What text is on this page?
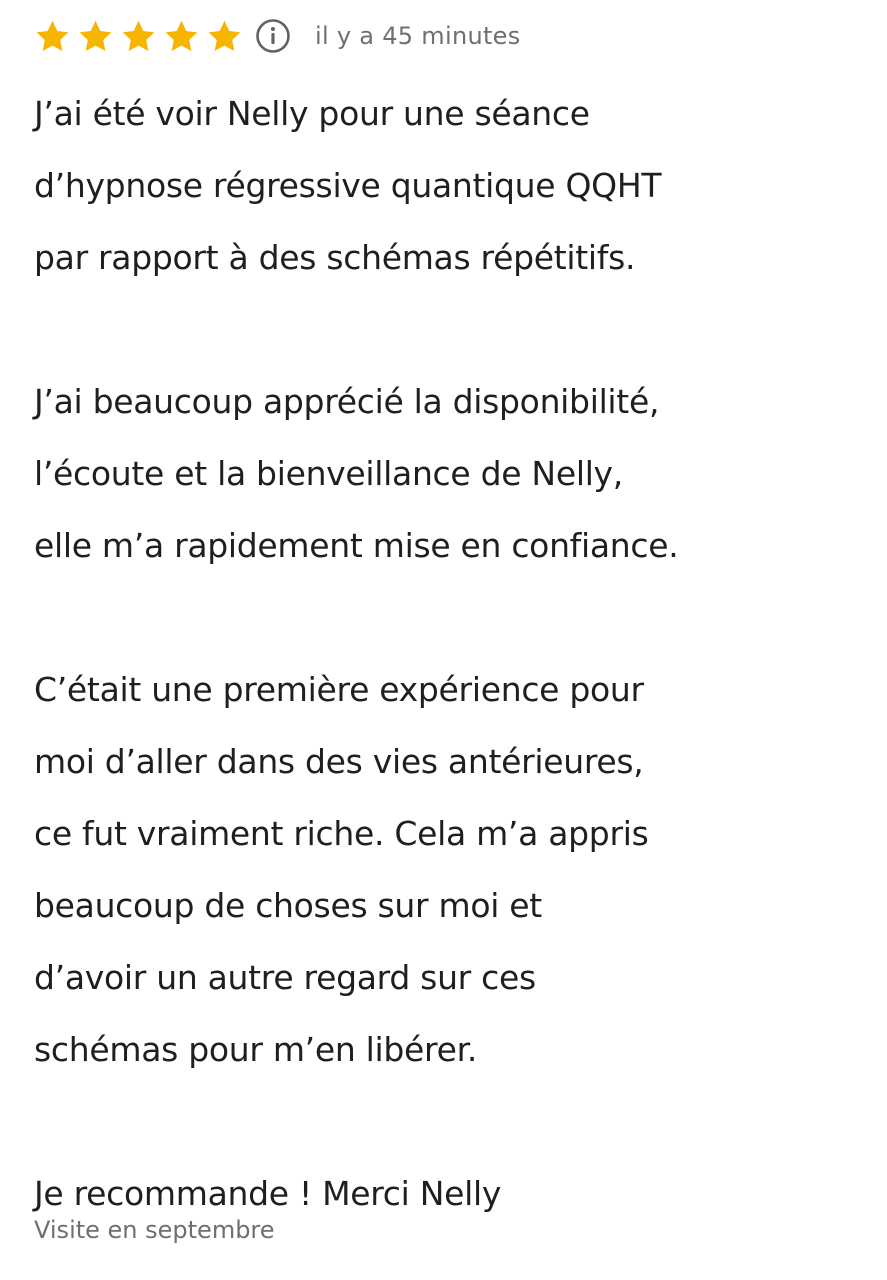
il y a 45 minutes

J’ai été voir Nelly pour une séance
d’hypnose régressive quantique QQHT
par rapport à des schémas répétitifs.

J’ai beaucoup apprécié la disponibilité,
l’écoute et la bienveillance de Nelly,
elle m’a rapidement mise en confiance.

C’était une première expérience pour
moi d’aller dans des vies antérieures,
ce fut vraiment riche. Cela m’a appris
beaucoup de choses sur moi et
d’avoir un autre regard sur ces
schémas pour m’en libérer.

Je recommande ! Merci Nelly

Visite en septembre
